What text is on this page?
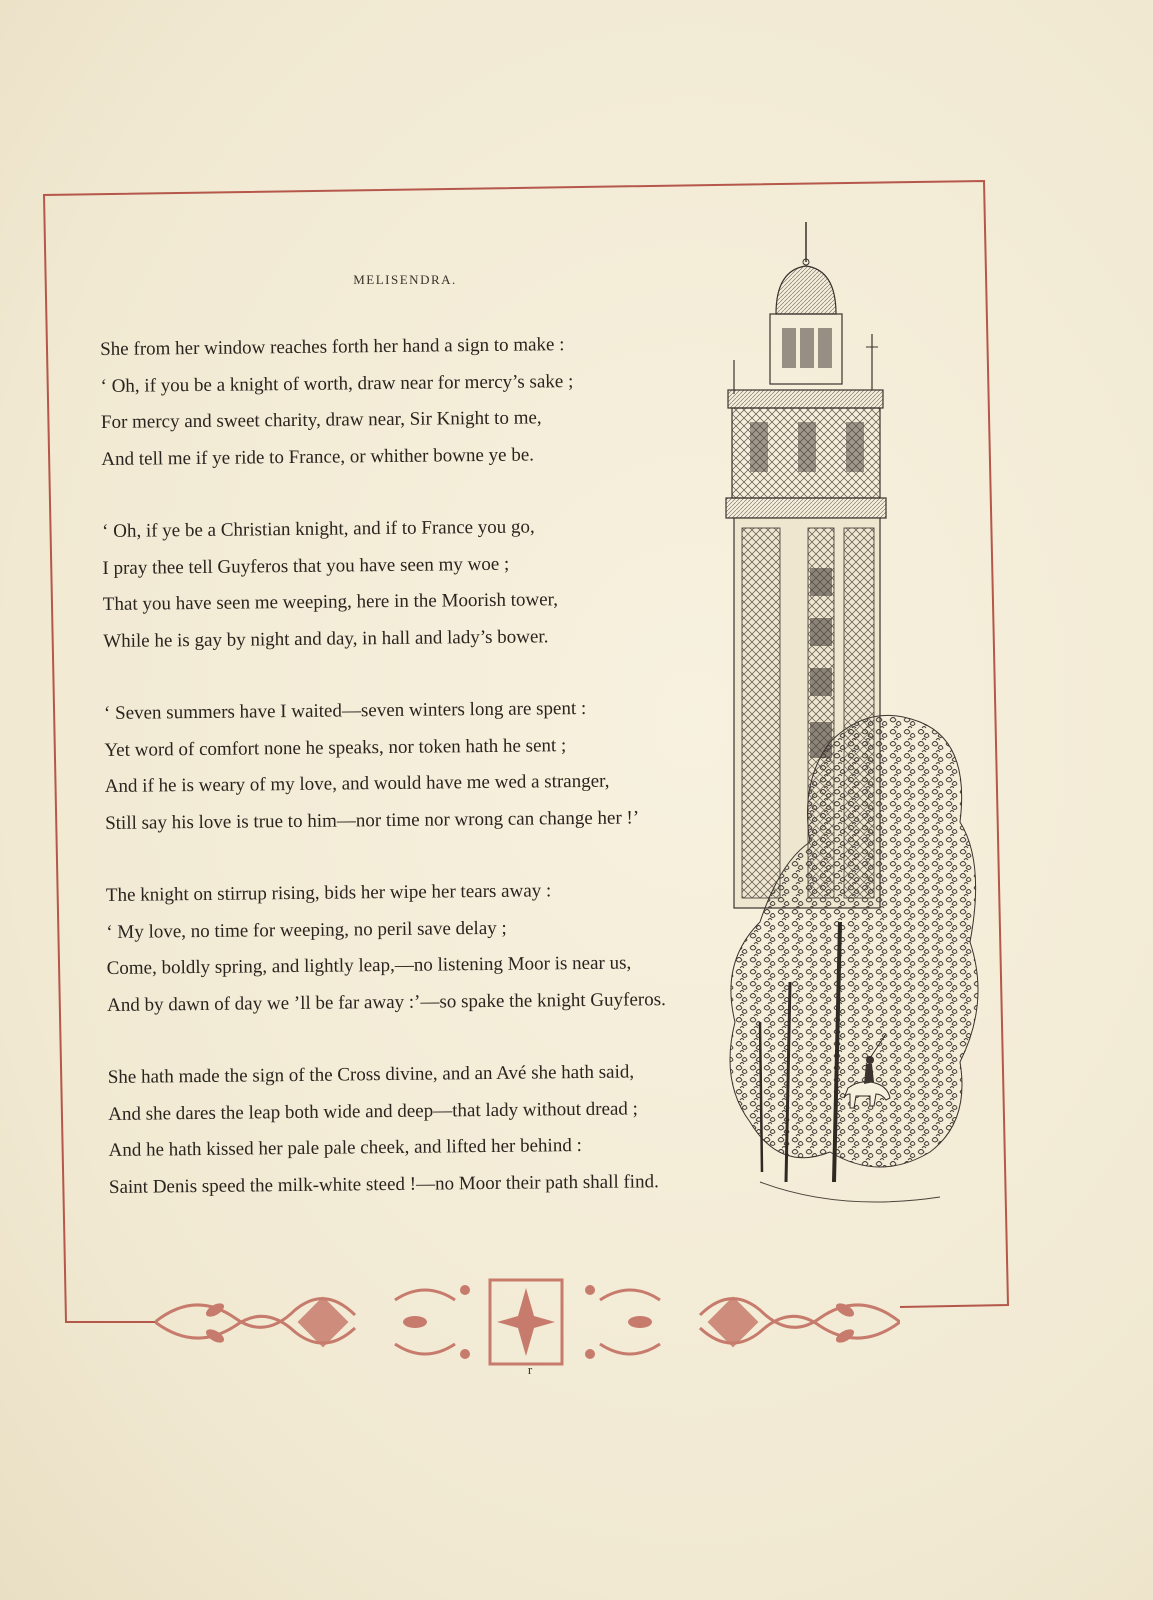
MELISENDRA.
She from her window reaches forth her hand a sign to make :
‘ Oh, if you be a knight of worth, draw near for mercy’s sake ;
For mercy and sweet charity, draw near, Sir Knight to me,
And tell me if ye ride to France, or whither bowne ye be.
‘ Oh, if ye be a Christian knight, and if to France you go,
I pray thee tell Guyferos that you have seen my woe ;
That you have seen me weeping, here in the Moorish tower,
While he is gay by night and day, in hall and lady’s bower.
‘ Seven summers have I waited—seven winters long are spent :
Yet word of comfort none he speaks, nor token hath he sent ;
And if he is weary of my love, and would have me wed a stranger,
Still say his love is true to him—nor time nor wrong can change her !’
The knight on stirrup rising, bids her wipe her tears away :
‘ My love, no time for weeping, no peril save delay ;
Come, boldly spring, and lightly leap,—no listening Moor is near us,
And by dawn of day we ’ll be far away :’—so spake the knight Guyferos.
She hath made the sign of the Cross divine, and an Avé she hath said,
And she dares the leap both wide and deep—that lady without dread ;
And he hath kissed her pale pale cheek, and lifted her behind :
Saint Denis speed the milk-white steed !—no Moor their path shall find.
r
